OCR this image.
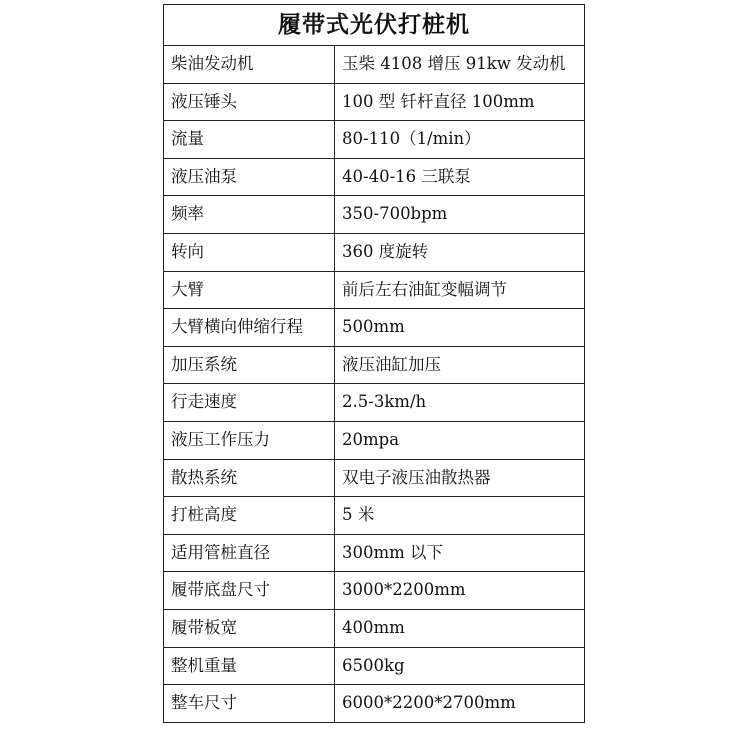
履带式光伏打桩机	
柴油发动机	玉柴 4108 增压 91kw 发动机
液压锤头	100 型 钎杆直径 100mm
流量	80-110（1/min）
液压油泵	40-40-16 三联泵
频率	350-700bpm
转向	360 度旋转
大臂	前后左右油缸变幅调节
大臂横向伸缩行程	500mm
加压系统	液压油缸加压
行走速度	2.5-3km/h
液压工作压力	20mpa
散热系统	双电子液压油散热器
打桩高度	5 米
适用管桩直径	300mm 以下
履带底盘尺寸	3000*2200mm
履带板宽	400mm
整机重量	6500kg
整车尺寸	6000*2200*2700mm
